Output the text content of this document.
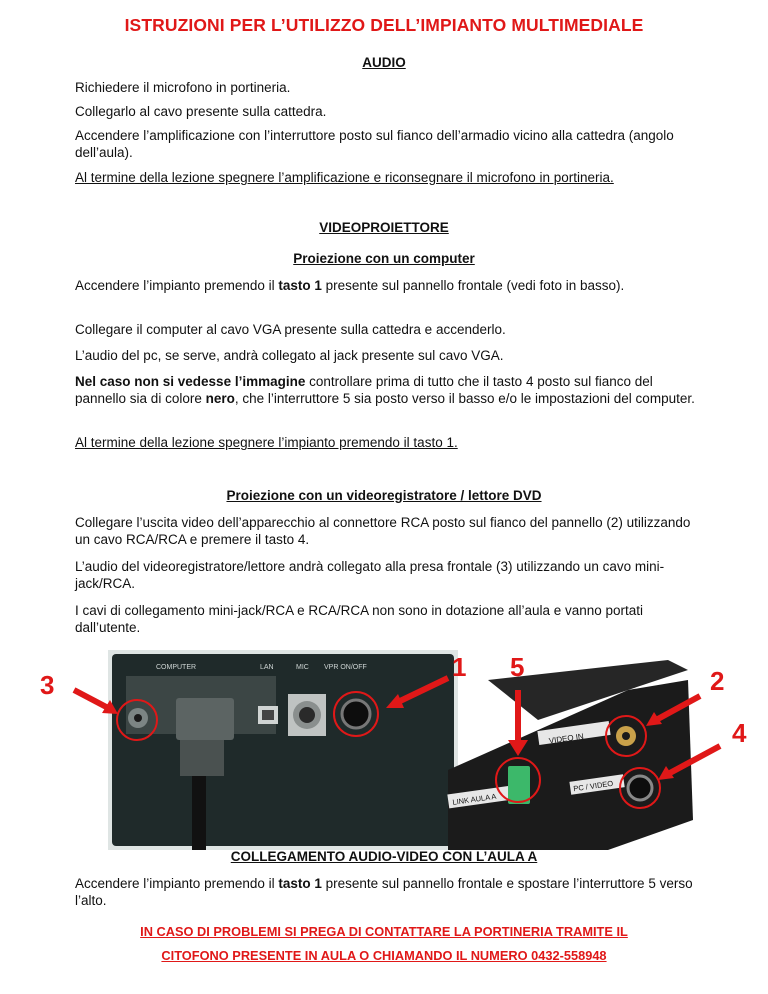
ISTRUZIONI PER L’UTILIZZO DELL’IMPIANTO MULTIMEDIALE
AUDIO
Richiedere il microfono in portineria.
Collegarlo al cavo presente sulla cattedra.
Accendere l’amplificazione con l’interruttore posto sul fianco dell’armadio vicino alla cattedra (angolo dell’aula).
Al termine della lezione spegnere l’amplificazione e riconsegnare il microfono in portineria.
VIDEOPROIETTORE
Proiezione con un computer
Accendere l’impianto premendo il tasto 1 presente sul pannello frontale (vedi foto in basso).
Collegare il computer al cavo VGA presente sulla cattedra e accenderlo.
L’audio del pc, se serve, andrà collegato al jack presente sul cavo VGA.
Nel caso non si vedesse l’immagine controllare prima di tutto che il tasto 4 posto sul fianco del pannello sia di colore nero, che l’interruttore 5 sia posto verso il basso e/o le impostazioni del computer.
Al termine della lezione spegnere l’impianto premendo il tasto 1.
Proiezione con un videoregistratore / lettore DVD
Collegare l’uscita video dell’apparecchio al connettore RCA posto sul fianco del pannello (2) utilizzando un cavo RCA/RCA e premere il tasto 4.
L’audio del videoregistratore/lettore andrà collegato alla presa frontale (3) utilizzando un cavo mini-jack/RCA.
I cavi di collegamento mini-jack/RCA e RCA/RCA non sono in dotazione all’aula e vanno portati dall’utente.
COMPUTER	LAN	MIC VPR ON/OFF
VIDEO IN
LINK AULA A
PC / VIDEO
3
1 5	2
4
COLLEGAMENTO AUDIO-VIDEO CON L’AULA A
Accendere l’impianto premendo il tasto 1 presente sul pannello frontale e spostare l’interruttore 5 verso l’alto.
IN CASO DI PROBLEMI SI PREGA DI CONTATTARE LA PORTINERIA TRAMITE IL
CITOFONO PRESENTE IN AULA O CHIAMANDO IL NUMERO 0432-558948
